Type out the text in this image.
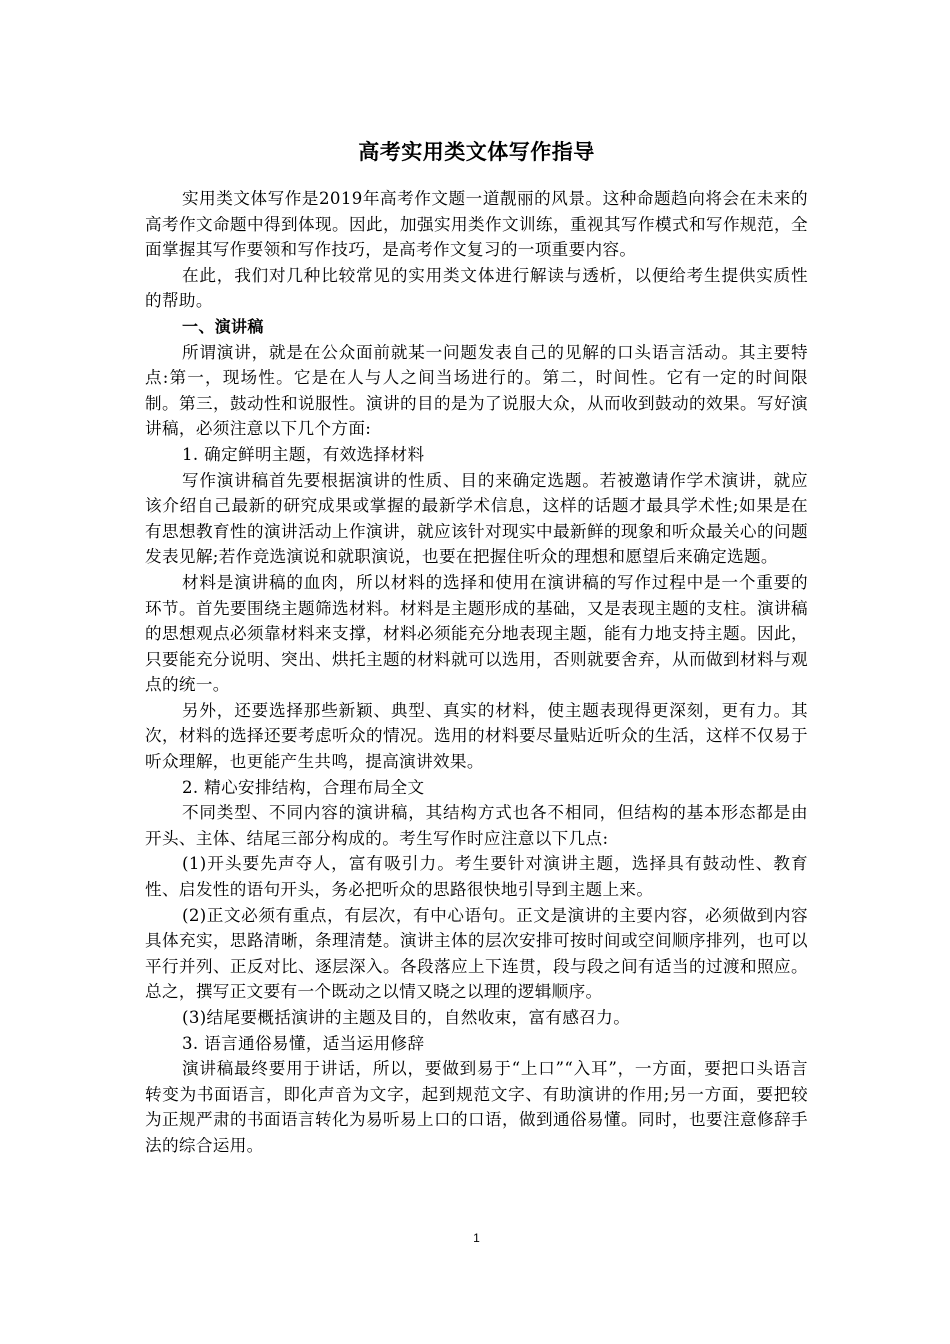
高考实用类文体写作指导

实用类文体写作是2019年高考作文题一道靓丽的风景。这种命题趋向将会在未来的高考作文命题中得到体现。因此，加强实用类作文训练，重视其写作模式和写作规范，全面掌握其写作要领和写作技巧，是高考作文复习的一项重要内容。

在此，我们对几种比较常见的实用类文体进行解读与透析，以便给考生提供实质性的帮助。

一、演讲稿

所谓演讲，就是在公众面前就某一问题发表自己的见解的口头语言活动。其主要特点:第一，现场性。它是在人与人之间当场进行的。第二，时间性。它有一定的时间限制。第三，鼓动性和说服性。演讲的目的是为了说服大众，从而收到鼓动的效果。写好演讲稿，必须注意以下几个方面:

1. 确定鲜明主题，有效选择材料

写作演讲稿首先要根据演讲的性质、目的来确定选题。若被邀请作学术演讲，就应该介绍自己最新的研究成果或掌握的最新学术信息，这样的话题才最具学术性;如果是在有思想教育性的演讲活动上作演讲，就应该针对现实中最新鲜的现象和听众最关心的问题发表见解;若作竞选演说和就职演说，也要在把握住听众的理想和愿望后来确定选题。

材料是演讲稿的血肉，所以材料的选择和使用在演讲稿的写作过程中是一个重要的环节。首先要围绕主题筛选材料。材料是主题形成的基础，又是表现主题的支柱。演讲稿的思想观点必须靠材料来支撑，材料必须能充分地表现主题，能有力地支持主题。因此，只要能充分说明、突出、烘托主题的材料就可以选用，否则就要舍弃，从而做到材料与观点的统一。

另外，还要选择那些新颖、典型、真实的材料，使主题表现得更深刻，更有力。其次，材料的选择还要考虑听众的情况。选用的材料要尽量贴近听众的生活，这样不仅易于听众理解，也更能产生共鸣，提高演讲效果。

2. 精心安排结构，合理布局全文

不同类型、不同内容的演讲稿，其结构方式也各不相同，但结构的基本形态都是由开头、主体、结尾三部分构成的。考生写作时应注意以下几点:

(1)开头要先声夺人，富有吸引力。考生要针对演讲主题，选择具有鼓动性、教育性、启发性的语句开头，务必把听众的思路很快地引导到主题上来。

(2)正文必须有重点，有层次，有中心语句。正文是演讲的主要内容，必须做到内容具体充实，思路清晰，条理清楚。演讲主体的层次安排可按时间或空间顺序排列，也可以平行并列、正反对比、逐层深入。各段落应上下连贯，段与段之间有适当的过渡和照应。总之，撰写正文要有一个既动之以情又晓之以理的逻辑顺序。

(3)结尾要概括演讲的主题及目的，自然收束，富有感召力。

3. 语言通俗易懂，适当运用修辞

演讲稿最终要用于讲话，所以，要做到易于“上口”“入耳”，一方面，要把口头语言转变为书面语言，即化声音为文字，起到规范文字、有助演讲的作用;另一方面，要把较为正规严肃的书面语言转化为易听易上口的口语，做到通俗易懂。同时，也要注意修辞手法的综合运用。

1
